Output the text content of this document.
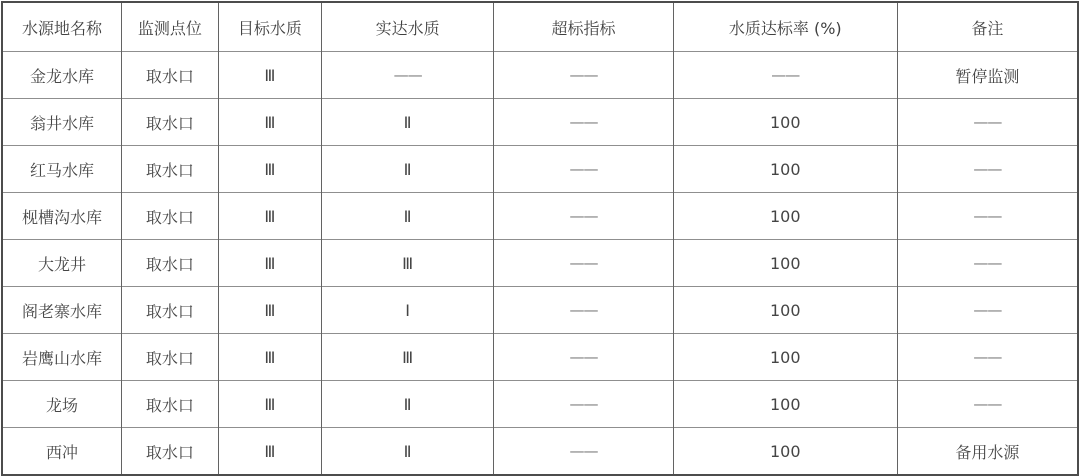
水源地名称	监测点位	目标水质	实达水质	超标指标	水质达标率 (%)	备注
金龙水库	取水口	Ⅲ	——	——	——	暂停监测
翁井水库	取水口	Ⅲ	Ⅱ	——	100	——
红马水库	取水口	Ⅲ	Ⅱ	——	100	——
枧槽沟水库	取水口	Ⅲ	Ⅱ	——	100	——
大龙井	取水口	Ⅲ	Ⅲ	——	100	——
阁老寨水库	取水口	Ⅲ	Ⅰ	——	100	——
岩鹰山水库	取水口	Ⅲ	Ⅲ	——	100	——
龙场	取水口	Ⅲ	Ⅱ	——	100	——
西冲	取水口	Ⅲ	Ⅱ	——	100	备用水源
